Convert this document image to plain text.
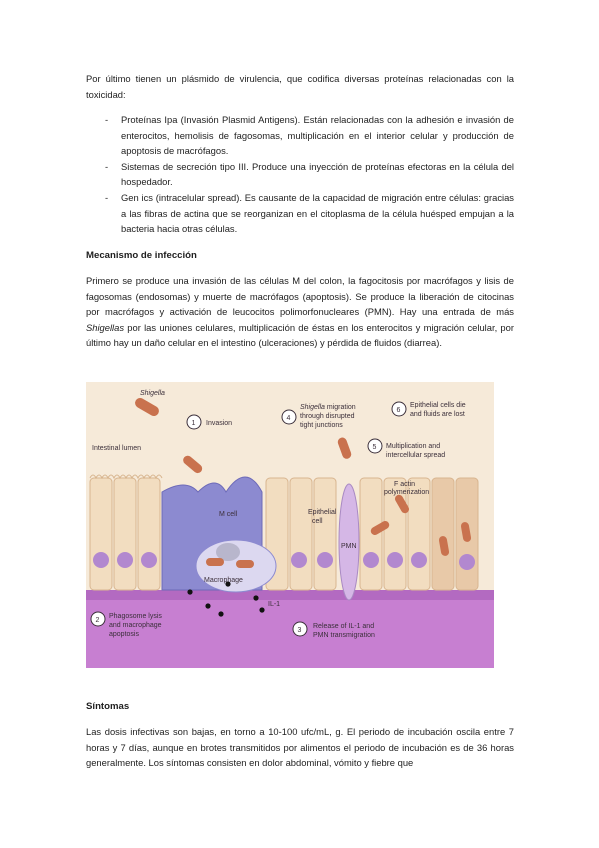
Por último tienen un plásmido de virulencia, que codifica diversas proteínas relacionadas con la toxicidad:

- Proteínas Ipa (Invasión Plasmid Antigens). Están relacionadas con la adhesión e invasión de enterocitos, hemolisis de fagosomas, multiplicación en el interior celular y producción de apoptosis de macrófagos.
- Sistemas de secreción tipo III. Produce una inyección de proteínas efectoras en la célula del hospedador.
- Gen ics (intracelular spread). Es causante de la capacidad de migración entre células: gracias a las fibras de actina que se reorganizan en el citoplasma de la célula huésped empujan a la bacteria hacia otras células.
Mecanismo de infección

Primero se produce una invasión de las células M del colon, la fagocitosis por macrófagos y lisis de fagosomas (endosomas) y muerte de macrófagos (apoptosis). Se produce la liberación de citocinas por macrófagos y activación de leucocitos polimorfonucleares (PMN). Hay una entrada de más Shigellas por las uniones celulares, multiplicación de éstas en los enterocitos y migración celular, por último hay un daño celular en el intestino (ulceraciones) y pérdida de fluidos (diarrea).

Shigella
Intestinal lumen
1 Invasion
4
Shigella migration
through disrupted
tight junctions
6
Epithelial cells die
and fluids are lost
5 Multiplication and
intercellular spread
M cell
F actin
polymerization
Epithelial
cell
Macrophage
PMN
IL-1
2
Phagosome lysis
and macrophage
apoptosis
3
Release of IL-1 and
PMN transmigration
Síntomas

Las dosis infectivas son bajas, en torno a 10-100 ufc/mL, g. El periodo de incubación oscila entre 7 horas y 7 días, aunque en brotes transmitidos por alimentos el periodo de incubación es de 36 horas generalmente. Los síntomas consisten en dolor abdominal, vómito y fiebre que
